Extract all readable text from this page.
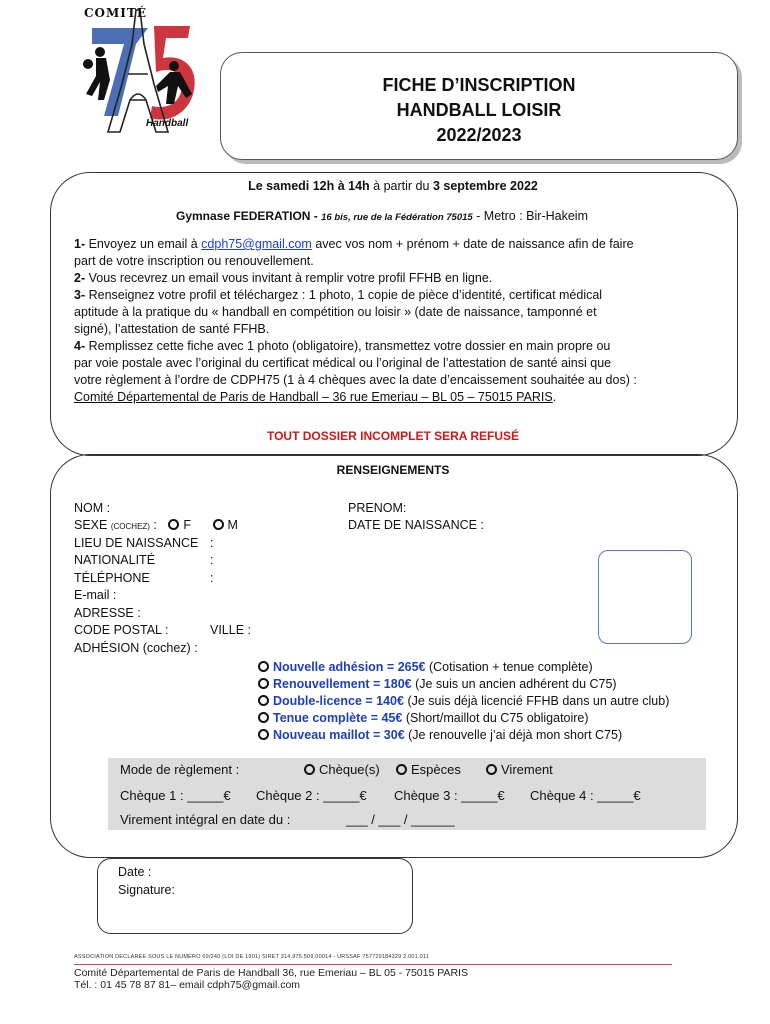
COMITÉ
Handball
FICHE D’INSCRIPTION
HANDBALL LOISIR
2022/2023
Le samedi 12h à 14h à partir du 3 septembre 2022
Gymnase FEDERATION - 16 bis, rue de la Fédération 75015 - Metro : Bir-Hakeim
1- Envoyez un email à cdph75@gmail.com avec vos nom + prénom + date de naissance afin de faire
part de votre inscription ou renouvellement.
2- Vous recevrez un email vous invitant à remplir votre profil FFHB en ligne.
3- Renseignez votre profil et téléchargez : 1 photo, 1 copie de pièce d’identité, certificat médical
aptitude à la pratique du « handball en compétition ou loisir » (date de naissance, tamponné et
signé), l’attestation de santé FFHB.
4- Remplissez cette fiche avec 1 photo (obligatoire), transmettez votre dossier en main propre ou
par voie postale avec l’original du certificat médical ou l’original de l’attestation de santé ainsi que
votre règlement à l’ordre de CDPH75 (1 à 4 chèques avec la date d’encaissement souhaitée au dos) :
Comité Départemental de Paris de Handball – 36 rue Emeriau – BL 05 – 75015 PARIS.
TOUT DOSSIER INCOMPLET SERA REFUSÉ
RENSEIGNEMENTS
NOM :	PRENOM:
SEXE (COCHEZ) : F	M	DATE DE NAISSANCE :
LIEU DE NAISSANCE :
NATIONALITÉ	:
TÉLÉPHONE	:
E-mail :
ADRESSE :
CODE POSTAL :	VILLE :
ADHÉSION (cochez) :
Nouvelle adhésion = 265€ (Cotisation + tenue complète)
Renouvellement = 180€ (Je suis un ancien adhérent du C75)
Double-licence = 140€ (Je suis déjà licencié FFHB dans un autre club)
Tenue complète = 45€ (Short/maillot du C75 obligatoire)
Nouveau maillot = 30€ (Je renouvelle j’ai déjà mon short C75)
Mode de règlement :	Chèque(s)	Espèces	Virement
Chèque 1 : _____€ Chèque 2 : _____€ Chèque 3 : _____€ Chèque 4 : _____€
Virement intégral en date du :	___ / ___ / ______
Date :
Signature:
ASSOCIATION DECLAREE SOUS LE NUMERO 69/240 (LOI DE 1901) SIRET 314.975.509.00014 - URSSAF 757729184329 2.001.011
Comité Départemental de Paris de Handball 36, rue Emeriau – BL 05 - 75015 PARIS
Tél. : 01 45 78 87 81– email cdph75@gmail.com
